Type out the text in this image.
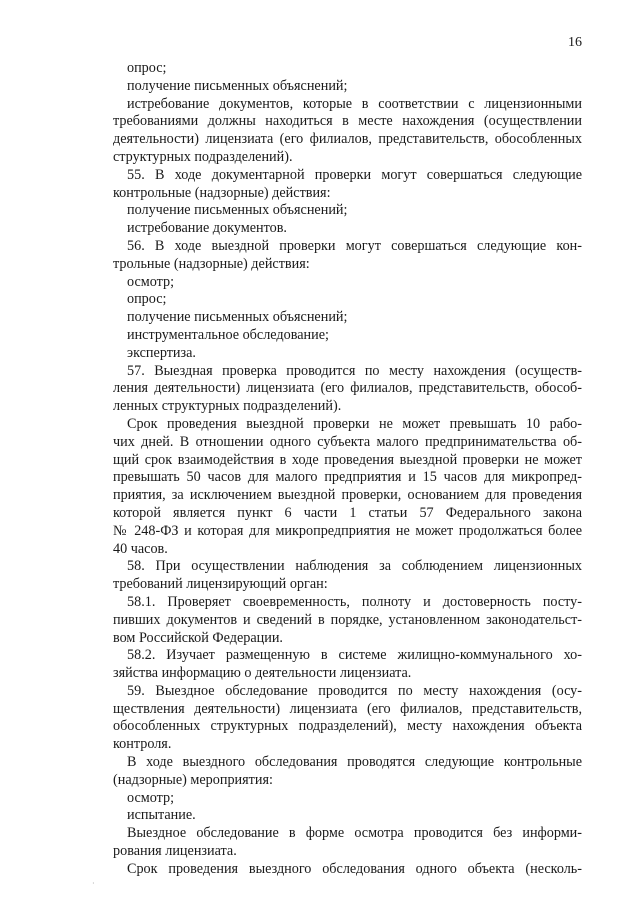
16
опрос;
получение письменных объяснений;
истребование документов, которые в соответствии с лицензионными
требованиями должны находиться в месте нахождения (осуществлении
деятельности) лицензиата (его филиалов, представительств, обособленных
структурных подразделений).
55. В ходе документарной проверки могут совершаться следующие
контрольные (надзорные) действия:
получение письменных объяснений;
истребование документов.
56. В ходе выездной проверки могут совершаться следующие кон-
трольные (надзорные) действия:
осмотр;
опрос;
получение письменных объяснений;
инструментальное обследование;
экспертиза.
57. Выездная проверка проводится по месту нахождения (осуществ-
ления деятельности) лицензиата (его филиалов, представительств, обособ-
ленных структурных подразделений).
Срок проведения выездной проверки не может превышать 10 рабо-
чих дней. В отношении одного субъекта малого предпринимательства об-
щий срок взаимодействия в ходе проведения выездной проверки не может
превышать 50 часов для малого предприятия и 15 часов для микропред-
приятия, за исключением выездной проверки, основанием для проведения
которой является пункт 6 части 1 статьи 57 Федерального закона
№ 248-ФЗ и которая для микропредприятия не может продолжаться более
40 часов.
58. При осуществлении наблюдения за соблюдением лицензионных
требований лицензирующий орган:
58.1. Проверяет своевременность, полноту и достоверность посту-
пивших документов и сведений в порядке, установленном законодательст-
вом Российской Федерации.
58.2. Изучает размещенную в системе жилищно-коммунального хо-
зяйства информацию о деятельности лицензиата.
59. Выездное обследование проводится по месту нахождения (осу-
ществления деятельности) лицензиата (его филиалов, представительств,
обособленных структурных подразделений), месту нахождения объекта
контроля.
В ходе выездного обследования проводятся следующие контрольные
(надзорные) мероприятия:
осмотр;
испытание.
Выездное обследование в форме осмотра проводится без информи-
рования лицензиата.
Срок проведения выездного обследования одного объекта (несколь-
·
